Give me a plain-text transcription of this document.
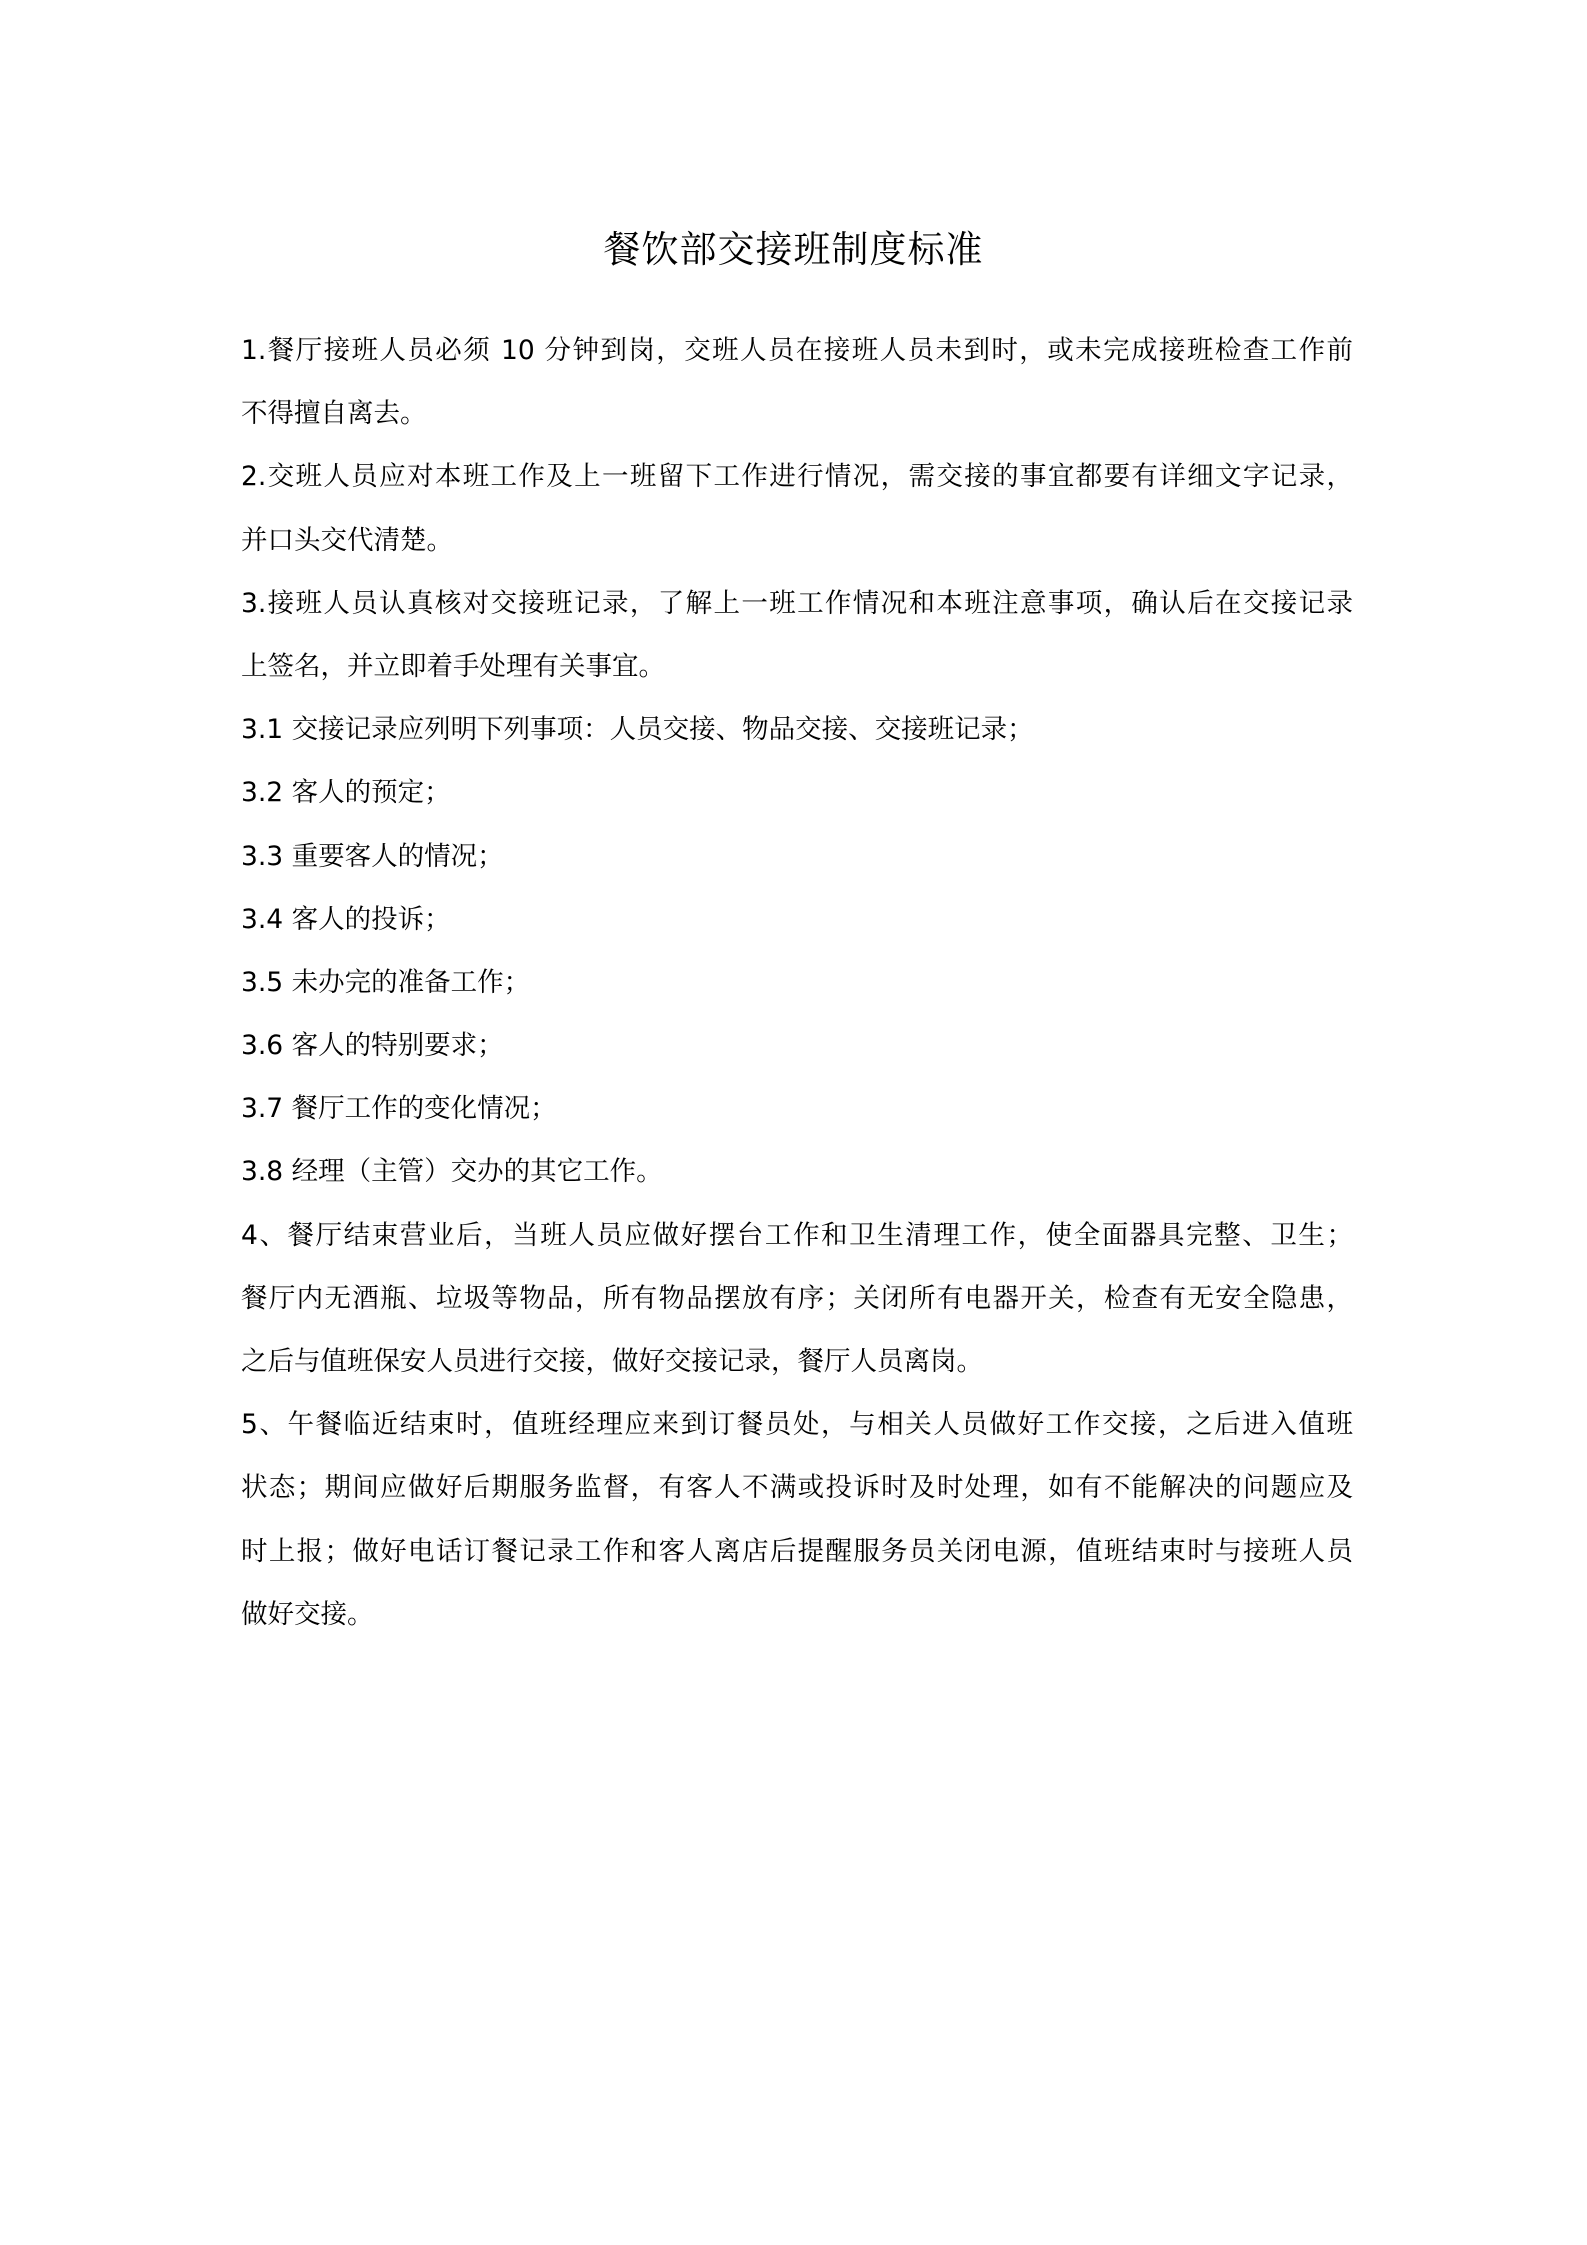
餐饮部交接班制度标准
1.餐厅接班人员必须 10 分钟到岗，交班人员在接班人员未到时，或未完成接班检查工作前
不得擅自离去。
2.交班人员应对本班工作及上一班留下工作进行情况，需交接的事宜都要有详细文字记录，
并口头交代清楚。
3.接班人员认真核对交接班记录，了解上一班工作情况和本班注意事项，确认后在交接记录
上签名，并立即着手处理有关事宜。
3.1 交接记录应列明下列事项：人员交接、物品交接、交接班记录；
3.2 客人的预定；
3.3 重要客人的情况；
3.4 客人的投诉；
3.5 未办完的准备工作；
3.6 客人的特别要求；
3.7 餐厅工作的变化情况；
3.8 经理（主管）交办的其它工作。
4、餐厅结束营业后，当班人员应做好摆台工作和卫生清理工作，使全面器具完整、卫生；
餐厅内无酒瓶、垃圾等物品，所有物品摆放有序；关闭所有电器开关，检查有无安全隐患，
之后与值班保安人员进行交接，做好交接记录，餐厅人员离岗。
5、午餐临近结束时，值班经理应来到订餐员处，与相关人员做好工作交接，之后进入值班
状态；期间应做好后期服务监督，有客人不满或投诉时及时处理，如有不能解决的问题应及
时上报；做好电话订餐记录工作和客人离店后提醒服务员关闭电源，值班结束时与接班人员
做好交接。
